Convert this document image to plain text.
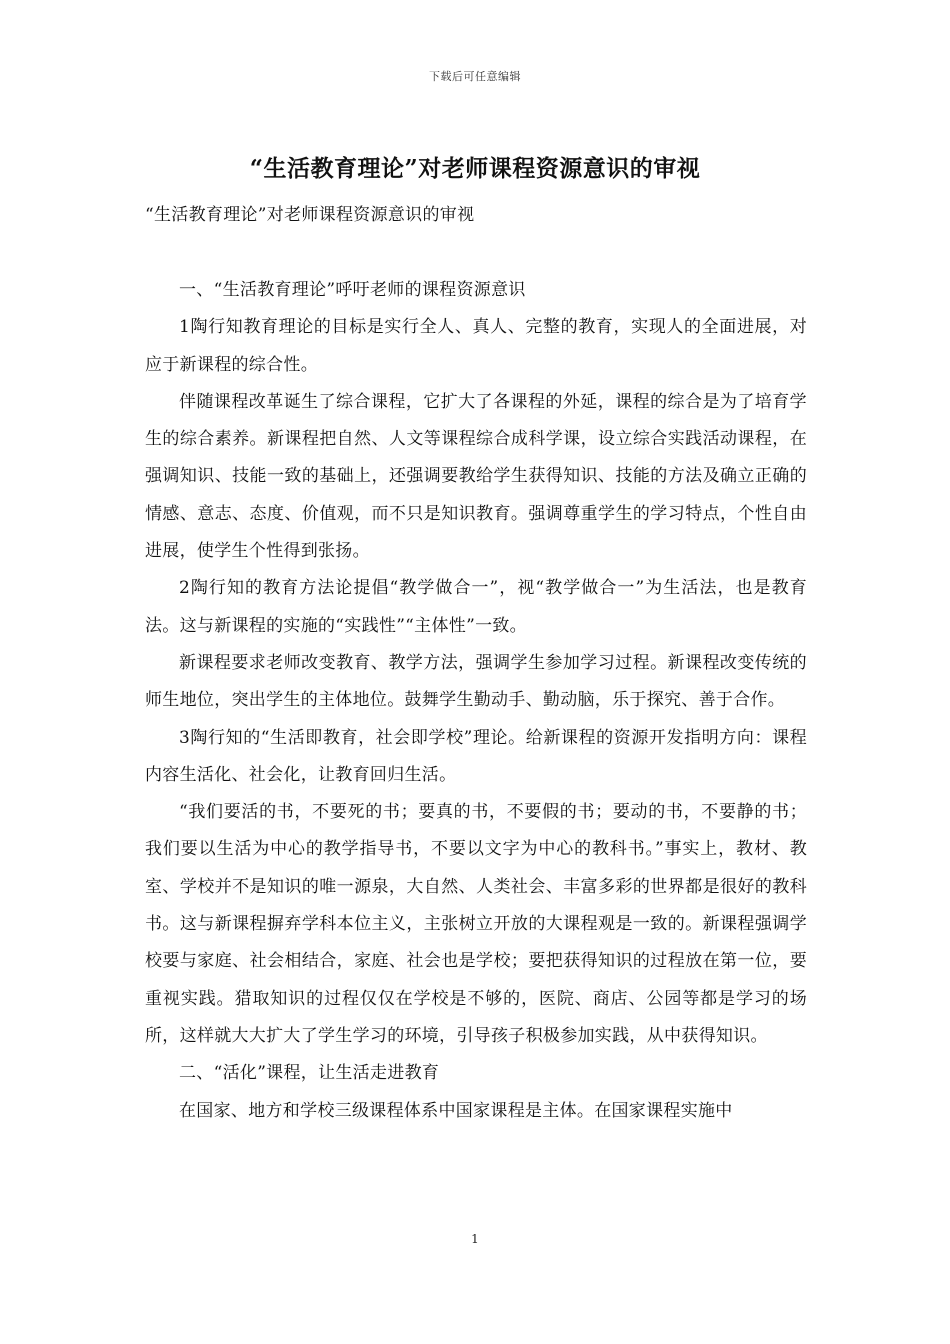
下载后可任意编辑
“生活教育理论”对老师课程资源意识的审视
“生活教育理论”对老师课程资源意识的审视

一、“生活教育理论”呼吁老师的课程资源意识

1陶行知教育理论的目标是实行全人、真人、完整的教育，实现人的全面进展，对应于新课程的综合性。

伴随课程改革诞生了综合课程，它扩大了各课程的外延，课程的综合是为了培育学生的综合素养。新课程把自然、人文等课程综合成科学课，设立综合实践活动课程，在强调知识、技能一致的基础上，还强调要教给学生获得知识、技能的方法及确立正确的情感、意志、态度、价值观，而不只是知识教育。强调尊重学生的学习特点，个性自由进展，使学生个性得到张扬。

2陶行知的教育方法论提倡“教学做合一”，视“教学做合一”为生活法，也是教育法。这与新课程的实施的“实践性”“主体性”一致。

新课程要求老师改变教育、教学方法，强调学生参加学习过程。新课程改变传统的师生地位，突出学生的主体地位。鼓舞学生勤动手、勤动脑，乐于探究、善于合作。

3陶行知的“生活即教育，社会即学校”理论。给新课程的资源开发指明方向：课程内容生活化、社会化，让教育回归生活。

“我们要活的书，不要死的书；要真的书，不要假的书；要动的书，不要静的书；我们要以生活为中心的教学指导书，不要以文字为中心的教科书。”事实上，教材、教室、学校并不是知识的唯一源泉，大自然、人类社会、丰富多彩的世界都是很好的教科书。这与新课程摒弃学科本位主义，主张树立开放的大课程观是一致的。新课程强调学校要与家庭、社会相结合，家庭、社会也是学校；要把获得知识的过程放在第一位，要重视实践。猎取知识的过程仅仅在学校是不够的，医院、商店、公园等都是学习的场所，这样就大大扩大了学生学习的环境，引导孩子积极参加实践，从中获得知识。

二、“活化”课程，让生活走进教育

在国家、地方和学校三级课程体系中国家课程是主体。在国家课程实施中

1
